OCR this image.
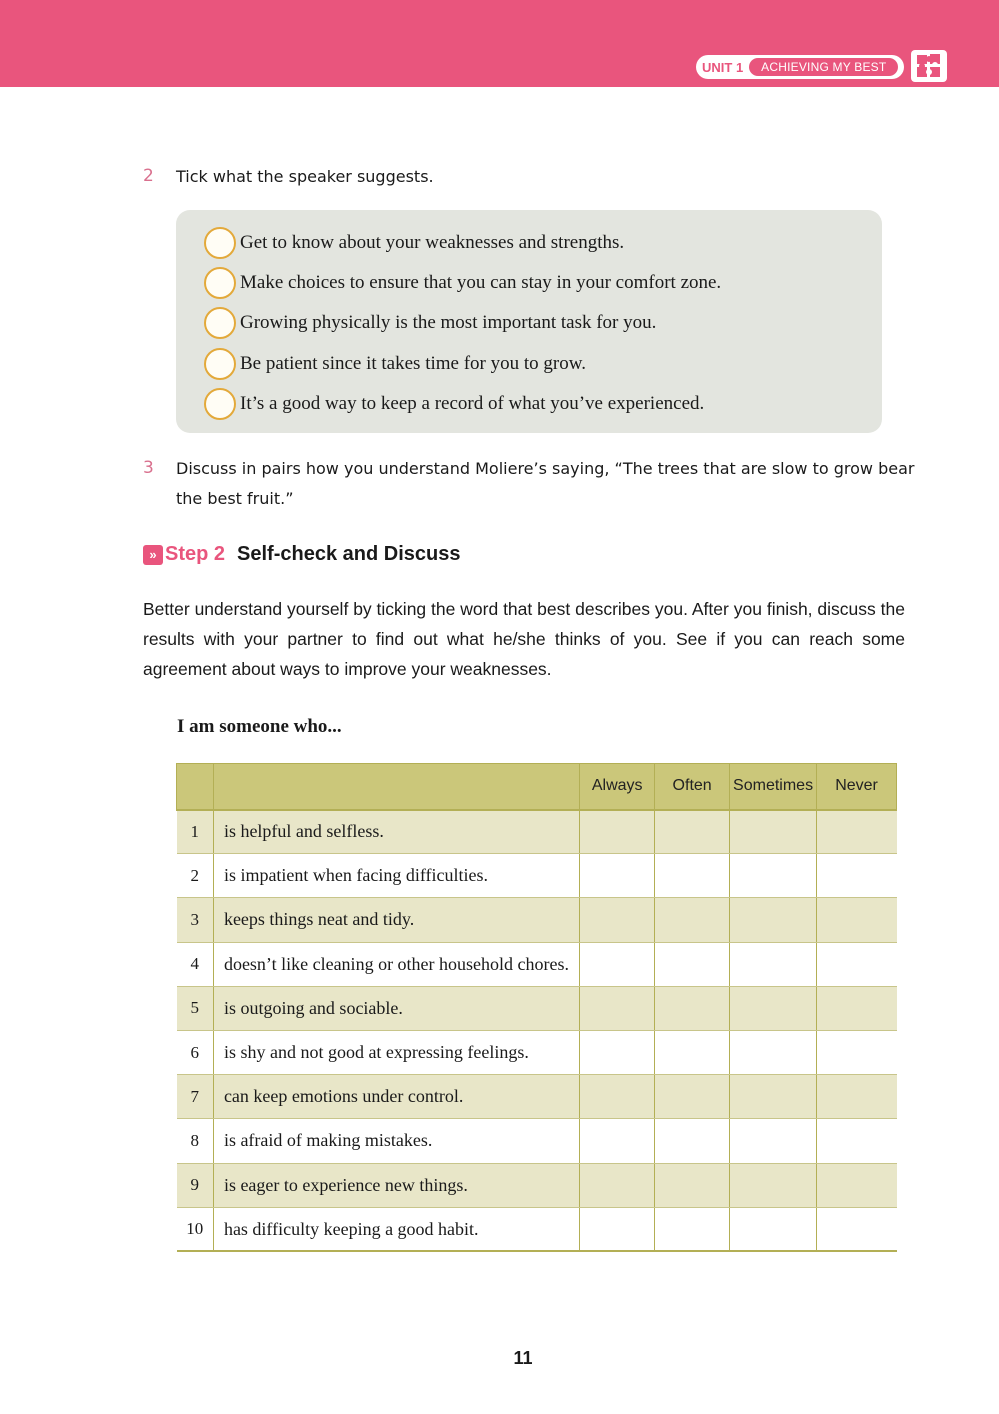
UNIT 1	ACHIEVING MY BEST
2 Tick what the speaker suggests.
Get to know about your weaknesses and strengths.
Make choices to ensure that you can stay in your comfort zone.
Growing physically is the most important task for you.
Be patient since it takes time for you to grow.
It’s a good way to keep a record of what you’ve experienced.
3 Discuss in pairs how you understand Moliere’s saying, “The trees that are slow to grow bear
the best fruit.”
» Step 2 Self-check and Discuss

Better understand yourself by ticking the word that best describes you. After you finish, discuss the results with your partner to find out what he/she thinks of you. See if you can reach some agreement about ways to improve your weaknesses.

I am someone who...
		Always	Often	Sometimes	Never
1	is helpful and selfless.				
2	is impatient when facing difficulties.				
3	keeps things neat and tidy.				
4	doesn’t like cleaning or other household chores.				
5	is outgoing and sociable.				
6	is shy and not good at expressing feelings.				
7	can keep emotions under control.				
8	is afraid of making mistakes.				
9	is eager to experience new things.				
10	has difficulty keeping a good habit.				
11
